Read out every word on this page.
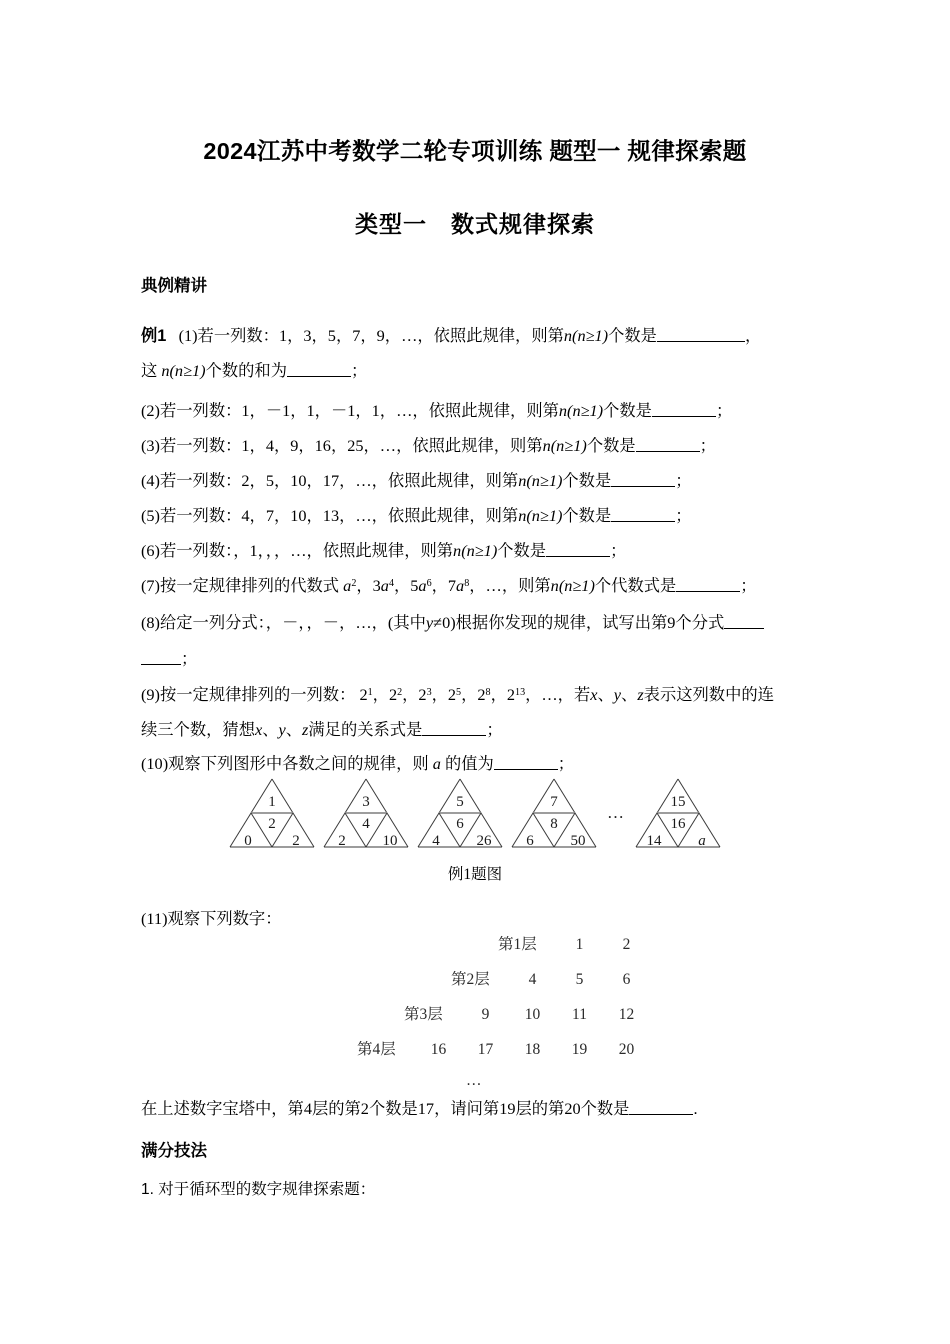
2024江苏中考数学二轮专项训练 题型一 规律探索题
类型一　数式规律探索
典例精讲
例1 (1)若一列数：1，3，5，7，9，…，依照此规律，则第n(n≥1)个数是	，
这 n(n≥1)个数的和为	；
(2)若一列数：1，－1，1，－1，1，…，依照此规律，则第n(n≥1)个数是	；
(3)若一列数：1，4，9，16，25，…，依照此规律，则第n(n≥1)个数是	；
(4)若一列数：2，5，10，17，…，依照此规律，则第n(n≥1)个数是	；
(5)若一列数：4，7，10，13，…，依照此规律，则第n(n≥1)个数是	；
(6)若一列数：，1，，，…，依照此规律，则第n(n≥1)个数是	；
(7)按一定规律排列的代数式 $a^2$，$3a^4$，$5a^6$，$7a^8$，…，则第n(n≥1)个代数式是	；
(8)给定一列分式：，－，，－，…，(其中y≠0)根据你发现的规律，试写出第9个分式
；
(9)按一定规律排列的一列数： $2^1$，$2^2$，$2^3$，$2^5$，$2^8$，$2^{13}$，…，若x、y、z表示这列数中的连
续三个数，猜想x、y、z满足的关系式是	；
(10)观察下列图形中各数之间的规律，则 a 的值为	；
1
2
0	2
3
4
2	10
5
6
4	26
7
8
6	50
…
15
16
14	a
例1题图
(11)观察下列数字：
第1层	1	2
第2层	4	5	6
第3层	9	10	11	12
第4层	16	17	18	19	20
…
在上述数字宝塔中，第4层的第2个数是17，请问第19层的第20个数是	.
满分技法
1. 对于循环型的数字规律探索题：
